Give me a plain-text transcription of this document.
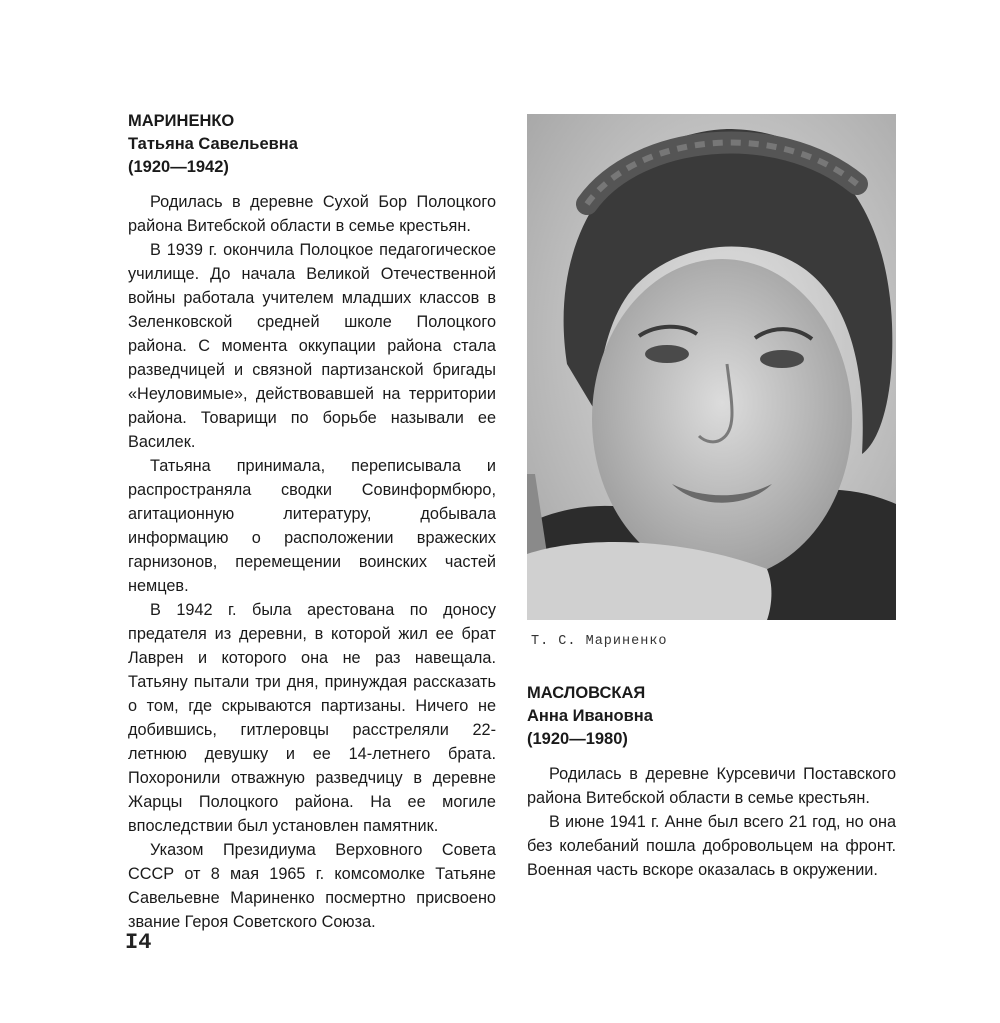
МАРИНЕНКО

Татьяна Савельевна

(1920—1942)

Родилась в деревне Сухой Бор Полоцкого района Витебской области в семье крестьян.

В 1939 г. окончила Полоцкое педагогическое училище. До начала Великой Отечественной войны работала учителем младших классов в Зеленковской средней школе Полоцкого района. С момента оккупации района стала разведчицей и связной партизанской бригады «Неуловимые», действовавшей на территории района. Товарищи по борьбе называли ее Василек.

Татьяна принимала, переписывала и распространяла сводки Совинформбюро, агитационную литературу, добывала информацию о расположении вражеских гарнизонов, перемещении воинских частей немцев.

В 1942 г. была арестована по доносу предателя из деревни, в которой жил ее брат Лаврен и которого она не раз навещала. Татьяну пытали три дня, принуждая рассказать о том, где скрываются партизаны. Ничего не добившись, гитлеровцы расстреляли 22-летнюю девушку и ее 14-летнего брата. Похоронили отважную разведчицу в деревне Жарцы Полоцкого района. На ее могиле впоследствии был установлен памятник.

Указом Президиума Верховного Совета СССР от 8 мая 1965 г. комсомолке Татьяне Савельевне Мариненко посмертно присвоено звание Героя Советского Союза.

Т. С. Мариненко

МАСЛОВСКАЯ

Анна Ивановна

(1920—1980)

Родилась в деревне Курсевичи Поставского района Витебской области в семье крестьян.

В июне 1941 г. Анне был всего 21 год, но она без колебаний пошла добровольцем на фронт. Военная часть вскоре оказалась в окружении.

I4
